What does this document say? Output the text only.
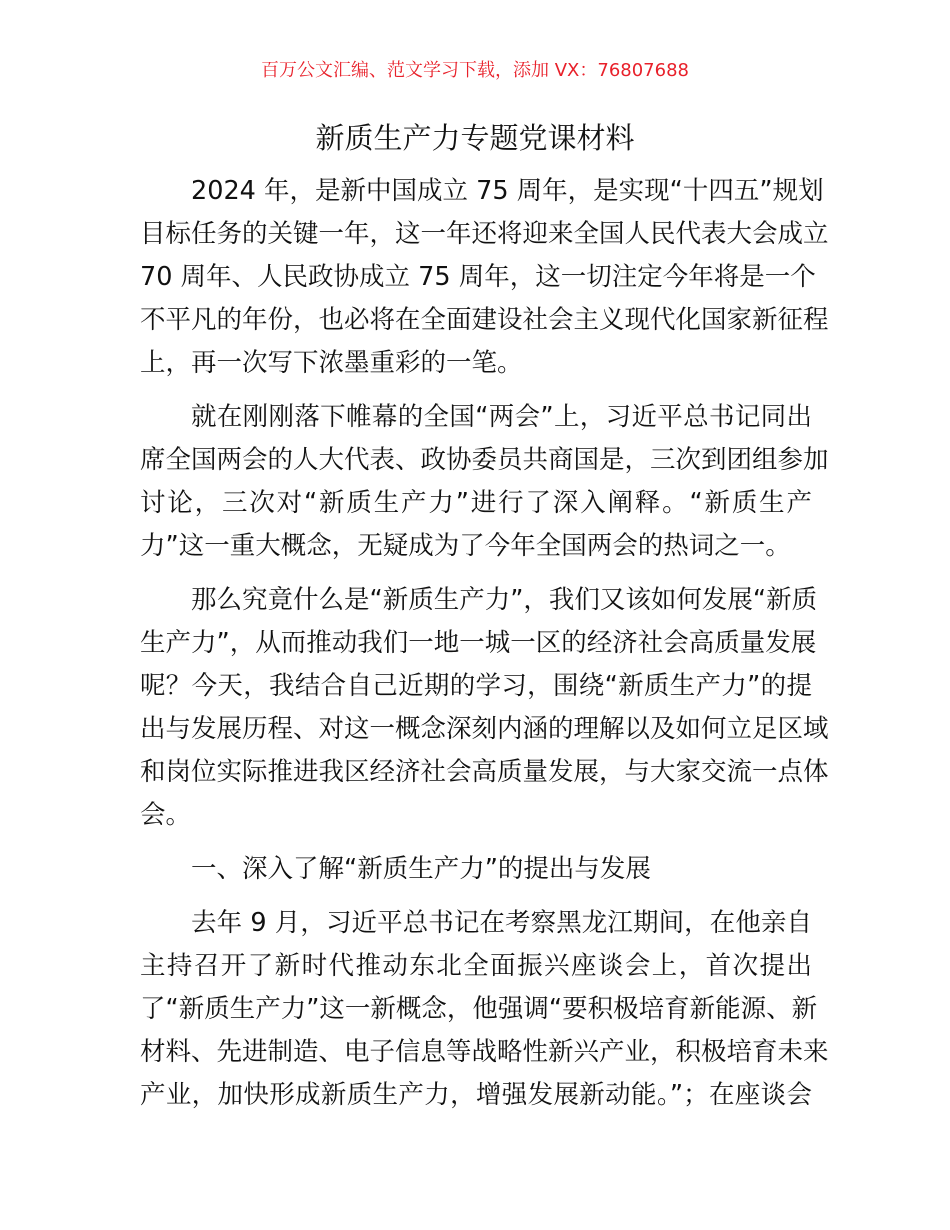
百万公文汇编、范文学习下载，添加 VX：76807688
新质生产力专题党课材料
2024 年，是新中国成立 75 周年，是实现“十四五”规划
目标任务的关键一年，这一年还将迎来全国人民代表大会成立
70 周年、人民政协成立 75 周年，这一切注定今年将是一个
不平凡的年份，也必将在全面建设社会主义现代化国家新征程
上，再一次写下浓墨重彩的一笔。
就在刚刚落下帷幕的全国“两会”上，习近平总书记同出
席全国两会的人大代表、政协委员共商国是，三次到团组参加
讨论，三次对“新质生产力”进行了深入阐释。“新质生产
力”这一重大概念，无疑成为了今年全国两会的热词之一。
那么究竟什么是“新质生产力”，我们又该如何发展“新质
生产力”，从而推动我们一地一城一区的经济社会高质量发展
呢？今天，我结合自己近期的学习，围绕“新质生产力”的提
出与发展历程、对这一概念深刻内涵的理解以及如何立足区域
和岗位实际推进我区经济社会高质量发展，与大家交流一点体
会。
一、深入了解“新质生产力”的提出与发展
去年 9 月，习近平总书记在考察黑龙江期间，在他亲自
主持召开了新时代推动东北全面振兴座谈会上，首次提出
了“新质生产力”这一新概念，他强调“要积极培育新能源、新
材料、先进制造、电子信息等战略性新兴产业，积极培育未来
产业，加快形成新质生产力，增强发展新动能。”；在座谈会
